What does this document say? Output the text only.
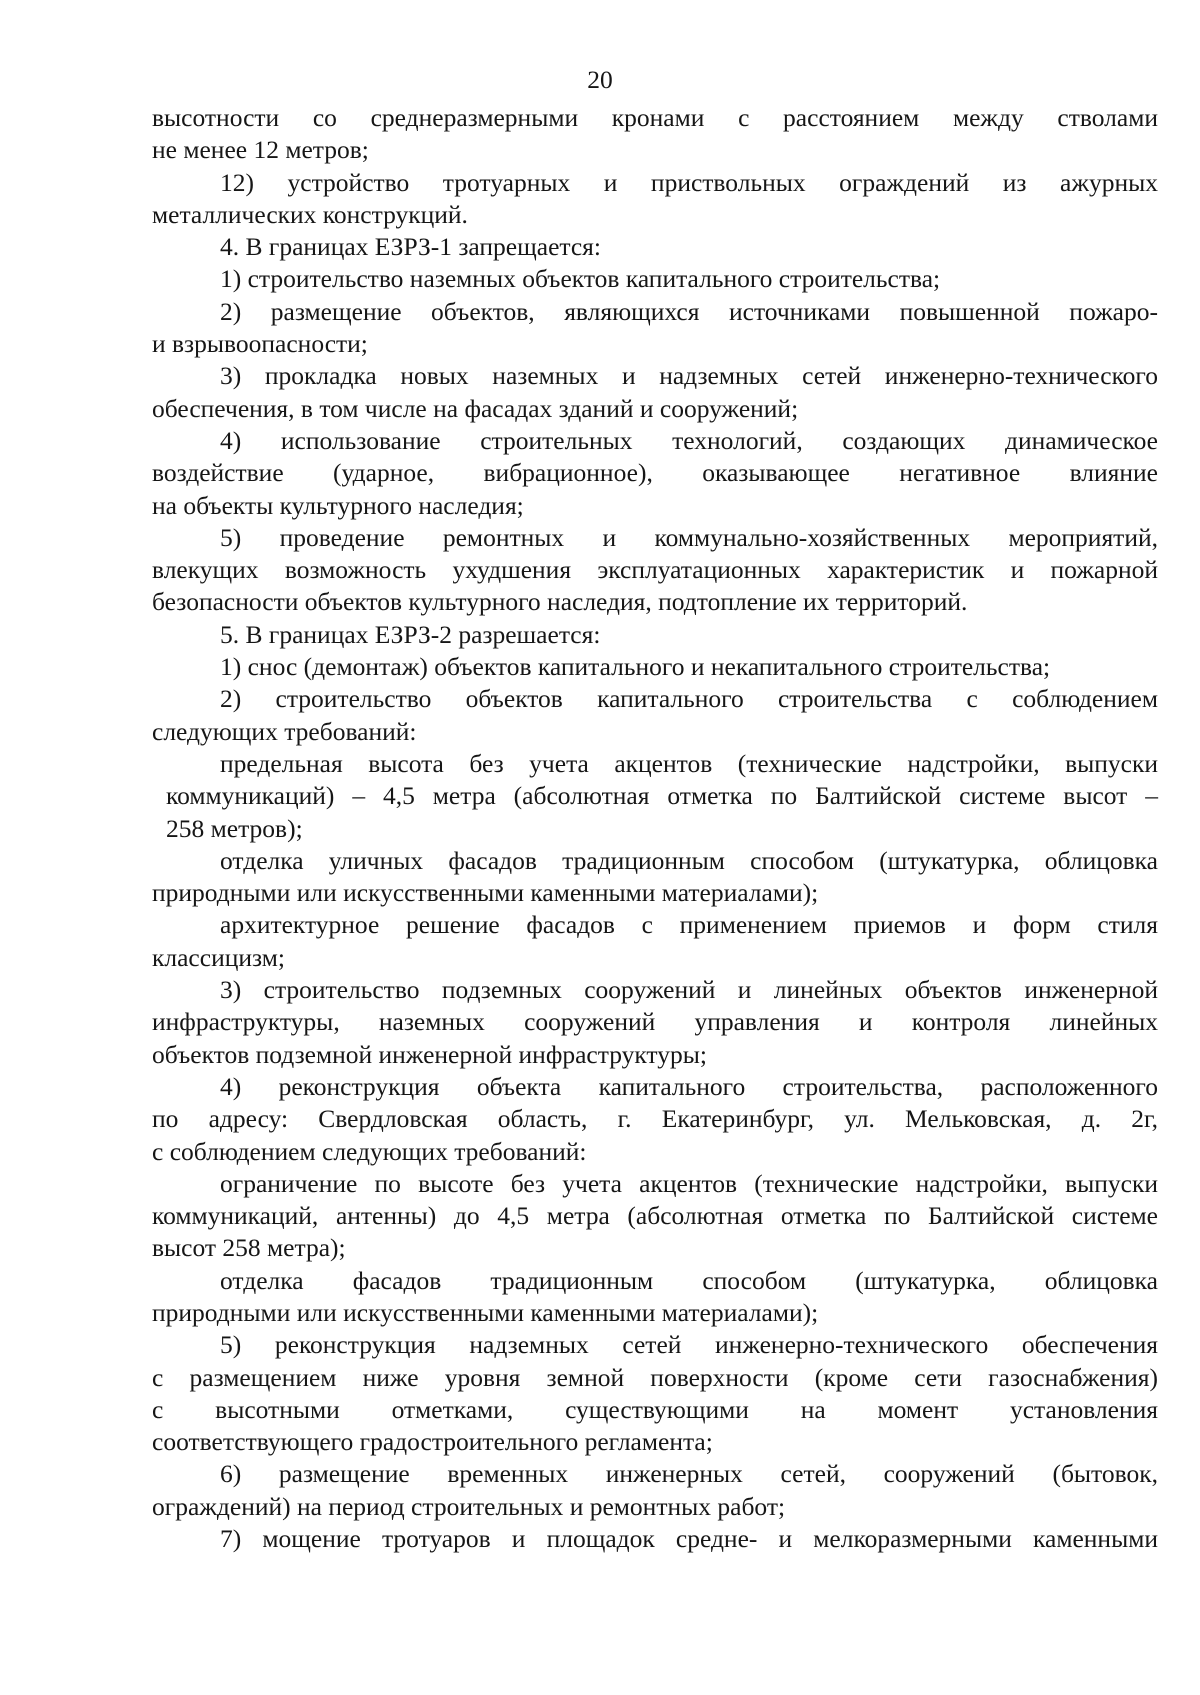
20
высотности со среднеразмерными кронами с расстоянием между стволами
не менее 12 метров;
12) устройство тротуарных и приствольных ограждений из ажурных
металлических конструкций.
4. В границах ЕЗРЗ-1 запрещается:
1) строительство наземных объектов капитального строительства;
2) размещение объектов, являющихся источниками повышенной пожаро-
и взрывоопасности;
3) прокладка новых наземных и надземных сетей инженерно-технического
обеспечения, в том числе на фасадах зданий и сооружений;
4) использование строительных технологий, создающих динамическое
воздействие (ударное, вибрационное), оказывающее негативное влияние
на объекты культурного наследия;
5) проведение ремонтных и коммунально-хозяйственных мероприятий,
влекущих возможность ухудшения эксплуатационных характеристик и пожарной
безопасности объектов культурного наследия, подтопление их территорий.
5. В границах ЕЗРЗ-2 разрешается:
1) снос (демонтаж) объектов капитального и некапитального строительства;
2) строительство объектов капитального строительства с соблюдением
следующих требований:
предельная высота без учета акцентов (технические надстройки, выпуски
коммуникаций) – 4,5 метра (абсолютная отметка по Балтийской системе высот –
258 метров);
отделка уличных фасадов традиционным способом (штукатурка, облицовка
природными или искусственными каменными материалами);
архитектурное решение фасадов с применением приемов и форм стиля
классицизм;
3) строительство подземных сооружений и линейных объектов инженерной
инфраструктуры, наземных сооружений управления и контроля линейных
объектов подземной инженерной инфраструктуры;
4) реконструкция объекта капитального строительства, расположенного
по адресу: Свердловская область, г. Екатеринбург, ул. Мельковская, д. 2г,
с соблюдением следующих требований:
ограничение по высоте без учета акцентов (технические надстройки, выпуски
коммуникаций, антенны) до 4,5 метра (абсолютная отметка по Балтийской системе
высот 258 метра);
отделка фасадов традиционным способом (штукатурка, облицовка
природными или искусственными каменными материалами);
5) реконструкция надземных сетей инженерно-технического обеспечения
с размещением ниже уровня земной поверхности (кроме сети газоснабжения)
с высотными отметками, существующими на момент установления
соответствующего градостроительного регламента;
6) размещение временных инженерных сетей, сооружений (бытовок,
ограждений) на период строительных и ремонтных работ;
7) мощение тротуаров и площадок средне- и мелкоразмерными каменными
